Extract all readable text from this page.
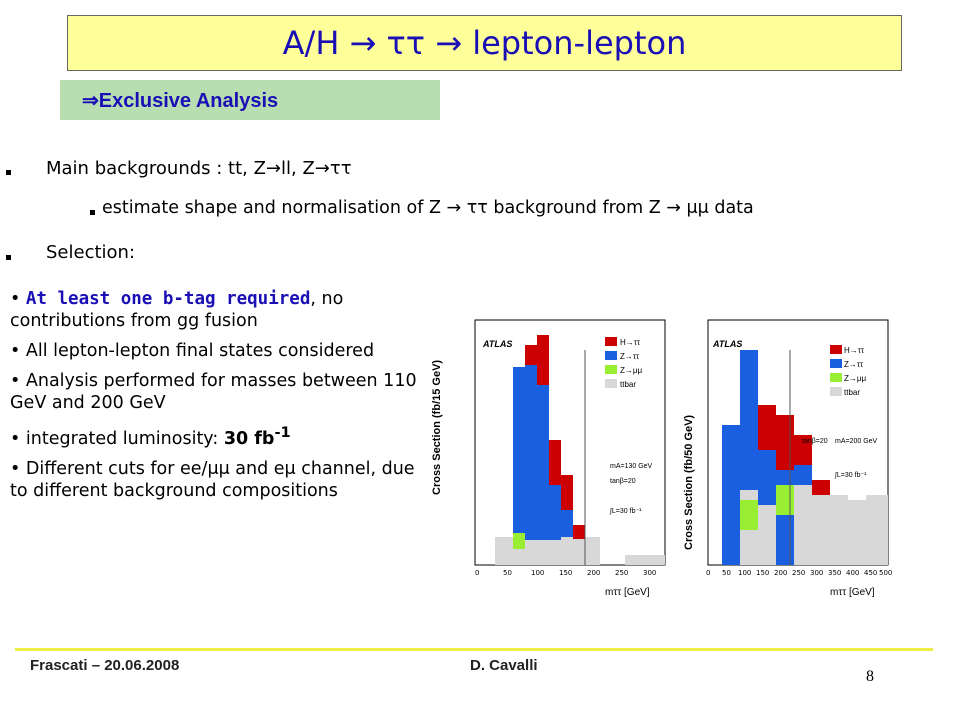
A/H → ττ → lepton-lepton
⇒Exclusive Analysis
Main backgrounds : tt, Z→ll, Z→ττ
estimate shape and normalisation of Z → ττ background from Z → μμ data
Selection:
• At least one b-tag required, no contributions from gg fusion
• All lepton-lepton final states considered
• Analysis performed for masses between 110 GeV and 200 GeV
• integrated luminosity: 30 $fb^{-1}$
• Different cuts for ee/μμ and eμ channel, due to different background compositions	Cross Section (fb/15 GeV)
ATLAS	H→ττ
Z→ττ
Z→μμ
ttbar
mA=130 GeV
tanβ=20
∫L=30 fb⁻¹
0	50	100 150 200 250 300
mττ [GeV]
Cross Section (fb/50 GeV)
ATLAS
H→ττ
Z→ττ
Z→μμ
ttbar
tanβ=20 mA=200 GeV
∫L=30 fb⁻¹
0 50 100 150 200 250 300 350 400 450 500
mττ [GeV]
Frascati – 20.06.2008	D. Cavalli
8
